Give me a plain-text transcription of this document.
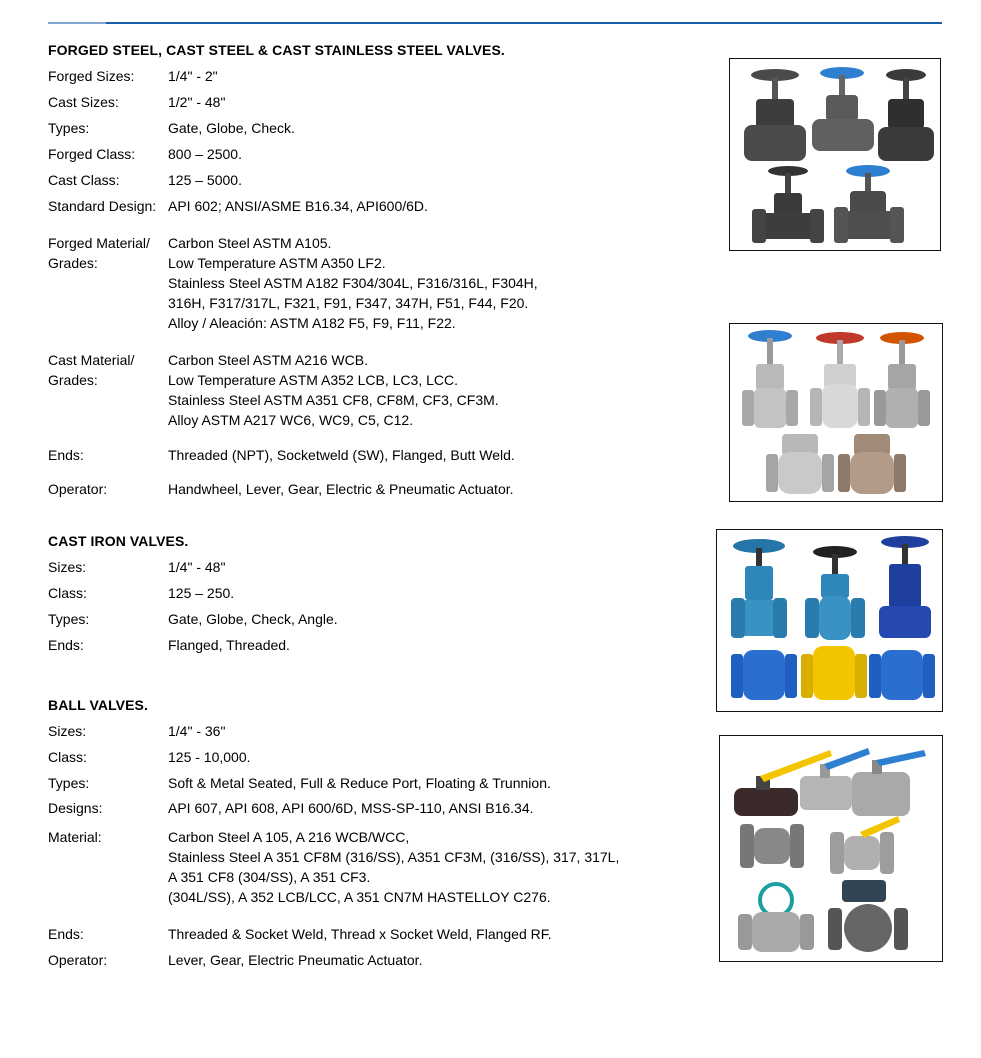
FORGED STEEL, CAST STEEL & CAST STAINLESS STEEL VALVES.
Forged Sizes:	1/4" - 2"
Cast Sizes:	1/2" - 48"
Types:	Gate, Globe, Check.
Forged Class:	800 – 2500.
Cast Class:	125 – 5000.
Standard Design: API 602; ANSI/ASME B16.34, API600/6D.
Forged Material/
Grades:
Carbon Steel ASTM A105.
Low Temperature ASTM A350 LF2.
Stainless Steel ASTM A182 F304/304L, F316/316L, F304H,
316H, F317/317L, F321, F91, F347, 347H, F51, F44, F20.
Alloy / Aleación: ASTM A182 F5, F9, F11, F22.
Cast Material/
Grades:
Carbon Steel ASTM A216 WCB.
Low Temperature ASTM A352 LCB, LC3, LCC.
Stainless Steel ASTM A351 CF8, CF8M, CF3, CF3M.
Alloy ASTM A217 WC6, WC9, C5, C12.
Ends:	Threaded (NPT), Socketweld (SW), Flanged, Butt Weld.
Operator:	Handwheel, Lever, Gear, Electric & Pneumatic Actuator.
CAST IRON VALVES.
Sizes:	1/4" - 48"
Class:	125 – 250.
Types:	Gate, Globe, Check, Angle.
Ends:	Flanged, Threaded.
BALL VALVES.
Sizes:	1/4" - 36"
Class:	125 - 10,000.
Types:	Soft & Metal Seated, Full & Reduce Port, Floating & Trunnion.
Designs:	API 607, API 608, API 600/6D, MSS-SP-110, ANSI B16.34.
Material:	Carbon Steel A 105, A 216 WCB/WCC,
Stainless Steel A 351 CF8M (316/SS), A351 CF3M, (316/SS), 317, 317L,
A 351 CF8 (304/SS), A 351 CF3.
(304L/SS), A 352 LCB/LCC, A 351 CN7M HASTELLOY C276.
Ends:	Threaded & Socket Weld, Thread x Socket Weld, Flanged RF.
Operator:	Lever, Gear, Electric Pneumatic Actuator.
